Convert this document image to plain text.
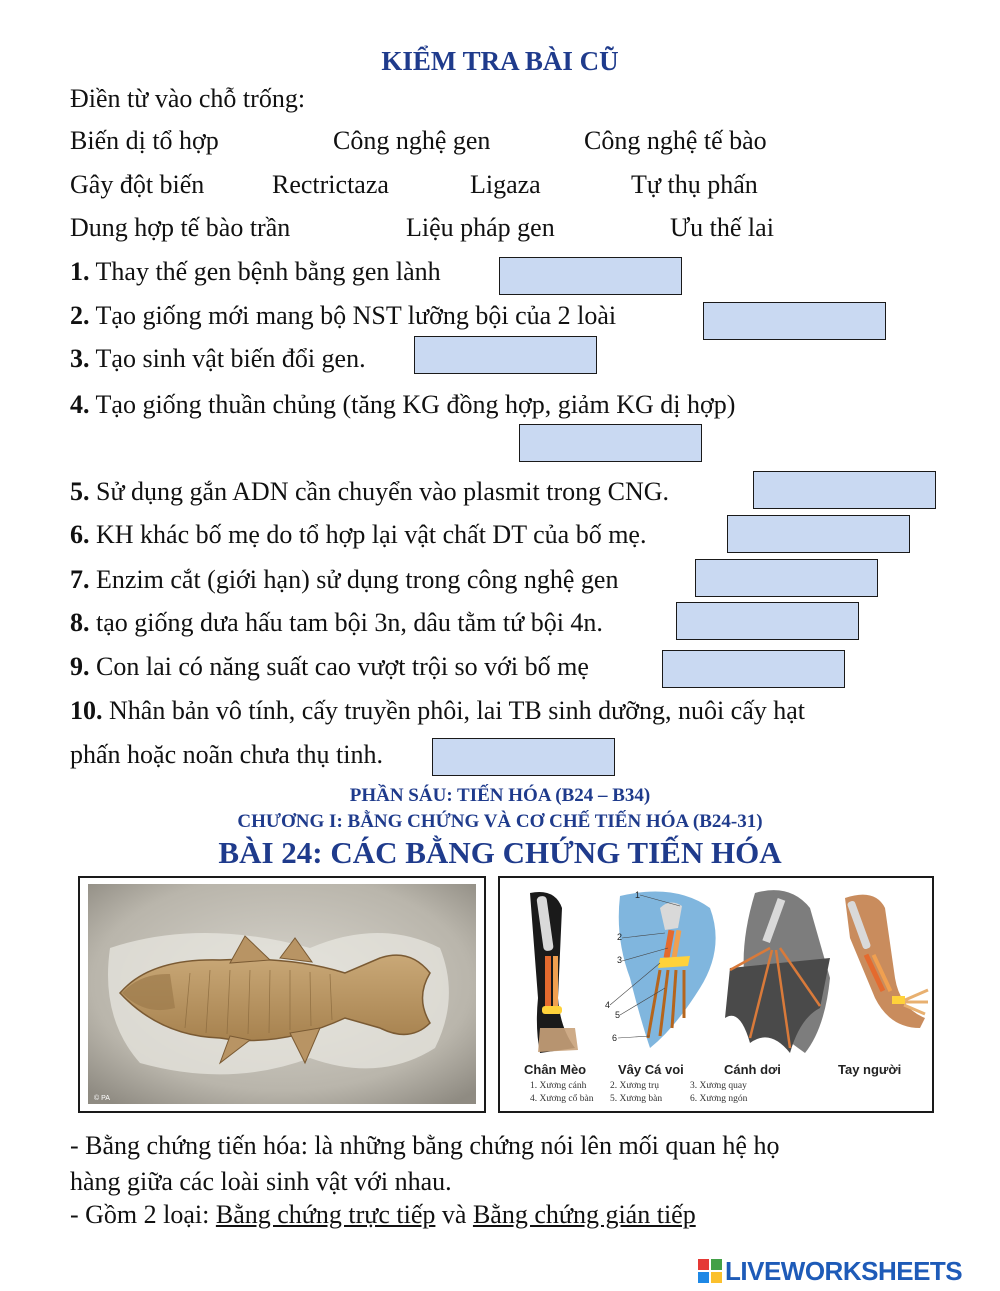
KIỂM TRA BÀI CŨ
Điền từ vào chỗ trống:
Biến dị tổ hợp	Công nghệ gen	Công nghệ tế bào
Gây đột biến	Rectrictaza	Ligaza	Tự thụ phấn
Dung hợp tế bào trần	Liệu pháp gen	Ưu thế lai
1. Thay thế gen bệnh bằng gen lành
2. Tạo giống mới mang bộ NST lưỡng bội của 2 loài
3. Tạo sinh vật biến đổi gen.
4. Tạo giống thuần chủng (tăng KG đồng hợp, giảm KG dị hợp)
5. Sử dụng gắn ADN cần chuyển vào plasmit trong CNG.
6. KH khác bố mẹ do tổ hợp lại vật chất DT của bố mẹ.
7. Enzim cắt (giới hạn) sử dụng trong công nghệ gen
8. tạo giống dưa hấu tam bội 3n, dâu tằm tứ bội 4n.
9. Con lai có năng suất cao vượt trội so với bố mẹ
10. Nhân bản vô tính, cấy truyền phôi, lai TB sinh dưỡng, nuôi cấy hạt
phấn hoặc noãn chưa thụ tinh.
PHẦN SÁU: TIẾN HÓA (B24 – B34)
CHƯƠNG I: BẰNG CHỨNG VÀ CƠ CHẾ TIẾN HÓA (B24-31)
BÀI 24: CÁC BẰNG CHỨNG TIẾN HÓA
© PA
1
2
3
4
5
6
Chân Mèo Vây Cá voi	Cánh dơi	Tay người
1. Xương cánh 2. Xương trụ	3. Xương quay
4. Xương cổ bàn 5. Xương bàn	6. Xương ngón
- Bằng chứng tiến hóa: là những bằng chứng nói lên mối quan hệ họ
hàng giữa các loài sinh vật với nhau.
- Gồm 2 loại: Bằng chứng trực tiếp và Bằng chứng gián tiếp
LIVEWORKSHEETS
